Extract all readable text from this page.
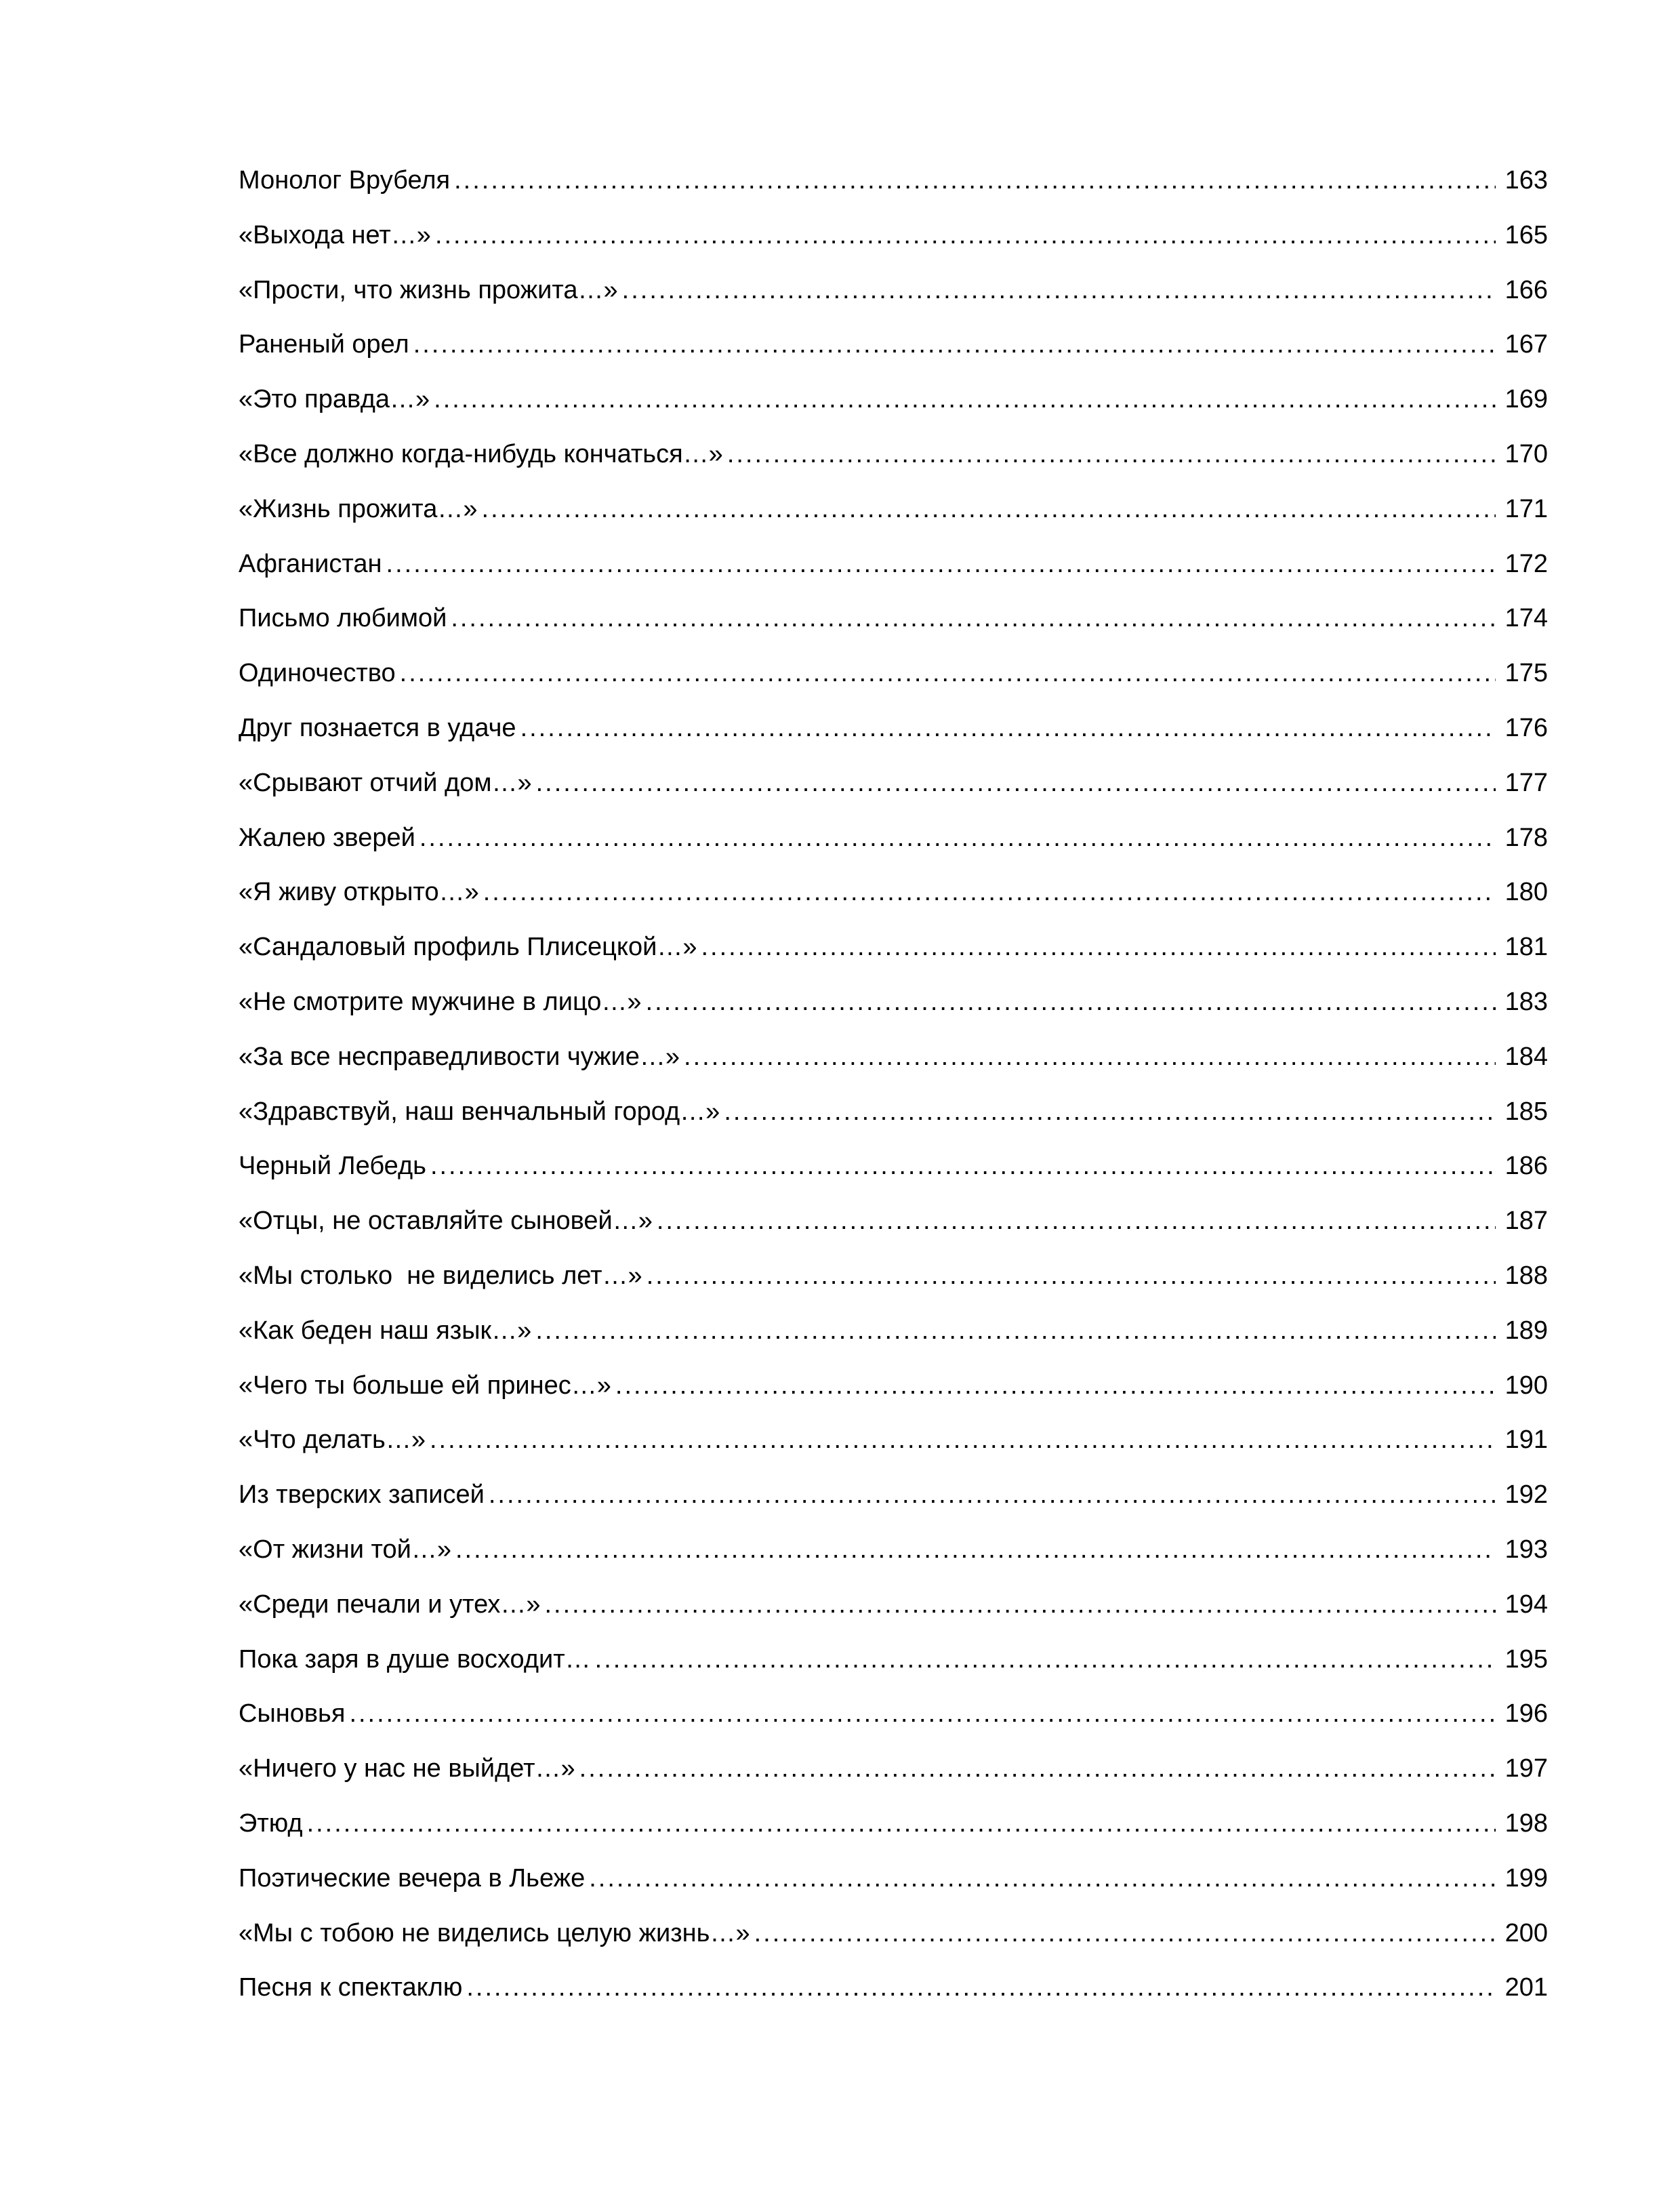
Монолог Врубеля .....	163
«Выхода нет…» .....	165
«Прости, что жизнь прожита…» .....	166
Раненый орел .....	167
«Это правда…» .....	169
«Все должно когда-нибудь кончаться…» .....	170
«Жизнь прожита…» .....	171
Афганистан .....	172
Письмо любимой .....	174
Одиночество .....	175
Друг познается в удаче .....	176
«Срывают отчий дом…» .....	177
Жалею зверей .....	178
«Я живу открыто…» .....	180
«Сандаловый профиль Плисецкой…» .....	181
«Не смотрите мужчине в лицо…» .....	183
«За все несправедливости чужие…» .....	184
«Здравствуй, наш венчальный город…» .....	185
Черный Лебедь .....	186
«Отцы, не оставляйте сыновей…» .....	187
«Мы столько  не виделись лет…» .....	188
«Как беден наш язык…» .....	189
«Чего ты больше ей принес…» .....	190
«Что делать…» .....	191
Из тверских записей .....	192
«От жизни той…» .....	193
«Среди печали и утех…» .....	194
Пока заря в душе восходит… .....	195
Сыновья .....	196
«Ничего у нас не выйдет…» .....	197
Этюд .....	198
Поэтические вечера в Льеже .....	199
«Мы с тобою не виделись целую жизнь…» .....	200
Песня к спектаклю .....	201
